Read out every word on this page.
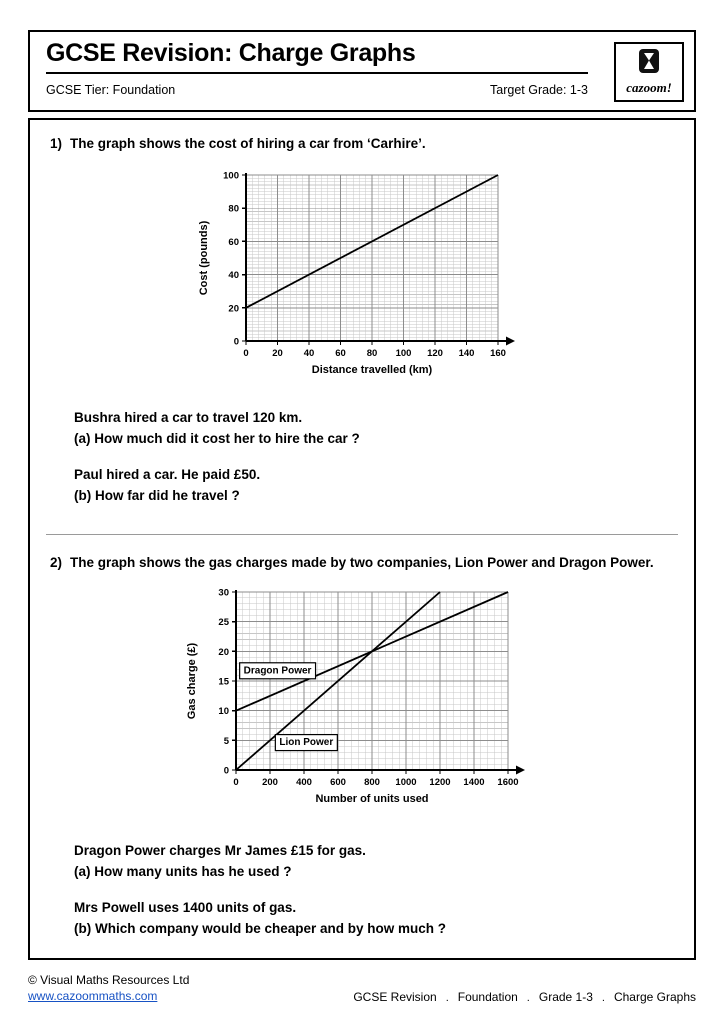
GCSE Revision: Charge Graphs
GCSE Tier: Foundation	Target Grade: 1-3	cazoom!
1) The graph shows the cost of hiring a car from ‘Carhire’.
0 20 40 60 80 100 120 140 160
0
20
40
60
80
100
Distance travelled (km)
Cost (pounds)
Bushra hired a car to travel 120 km.
(a) How much did it cost her to hire the car ?
Paul hired a car. He paid £50.
(b) How far did he travel ?
2) The graph shows the gas charges made by two companies, Lion Power and Dragon Power.
0 200 400 600 800 1000 1200 1400 1600
0
5
10
15
20
25
30
Number of units used
Gas charge (£)	Dragon Power
Lion Power
Dragon Power charges Mr James £15 for gas.
(a) How many units has he used ?
Mrs Powell uses 1400 units of gas.
(b) Which company would be cheaper and by how much ?
© Visual Maths Resources Ltd
www.cazoommaths.com	GCSE Revision . Foundation . Grade 1-3 . Charge Graphs
